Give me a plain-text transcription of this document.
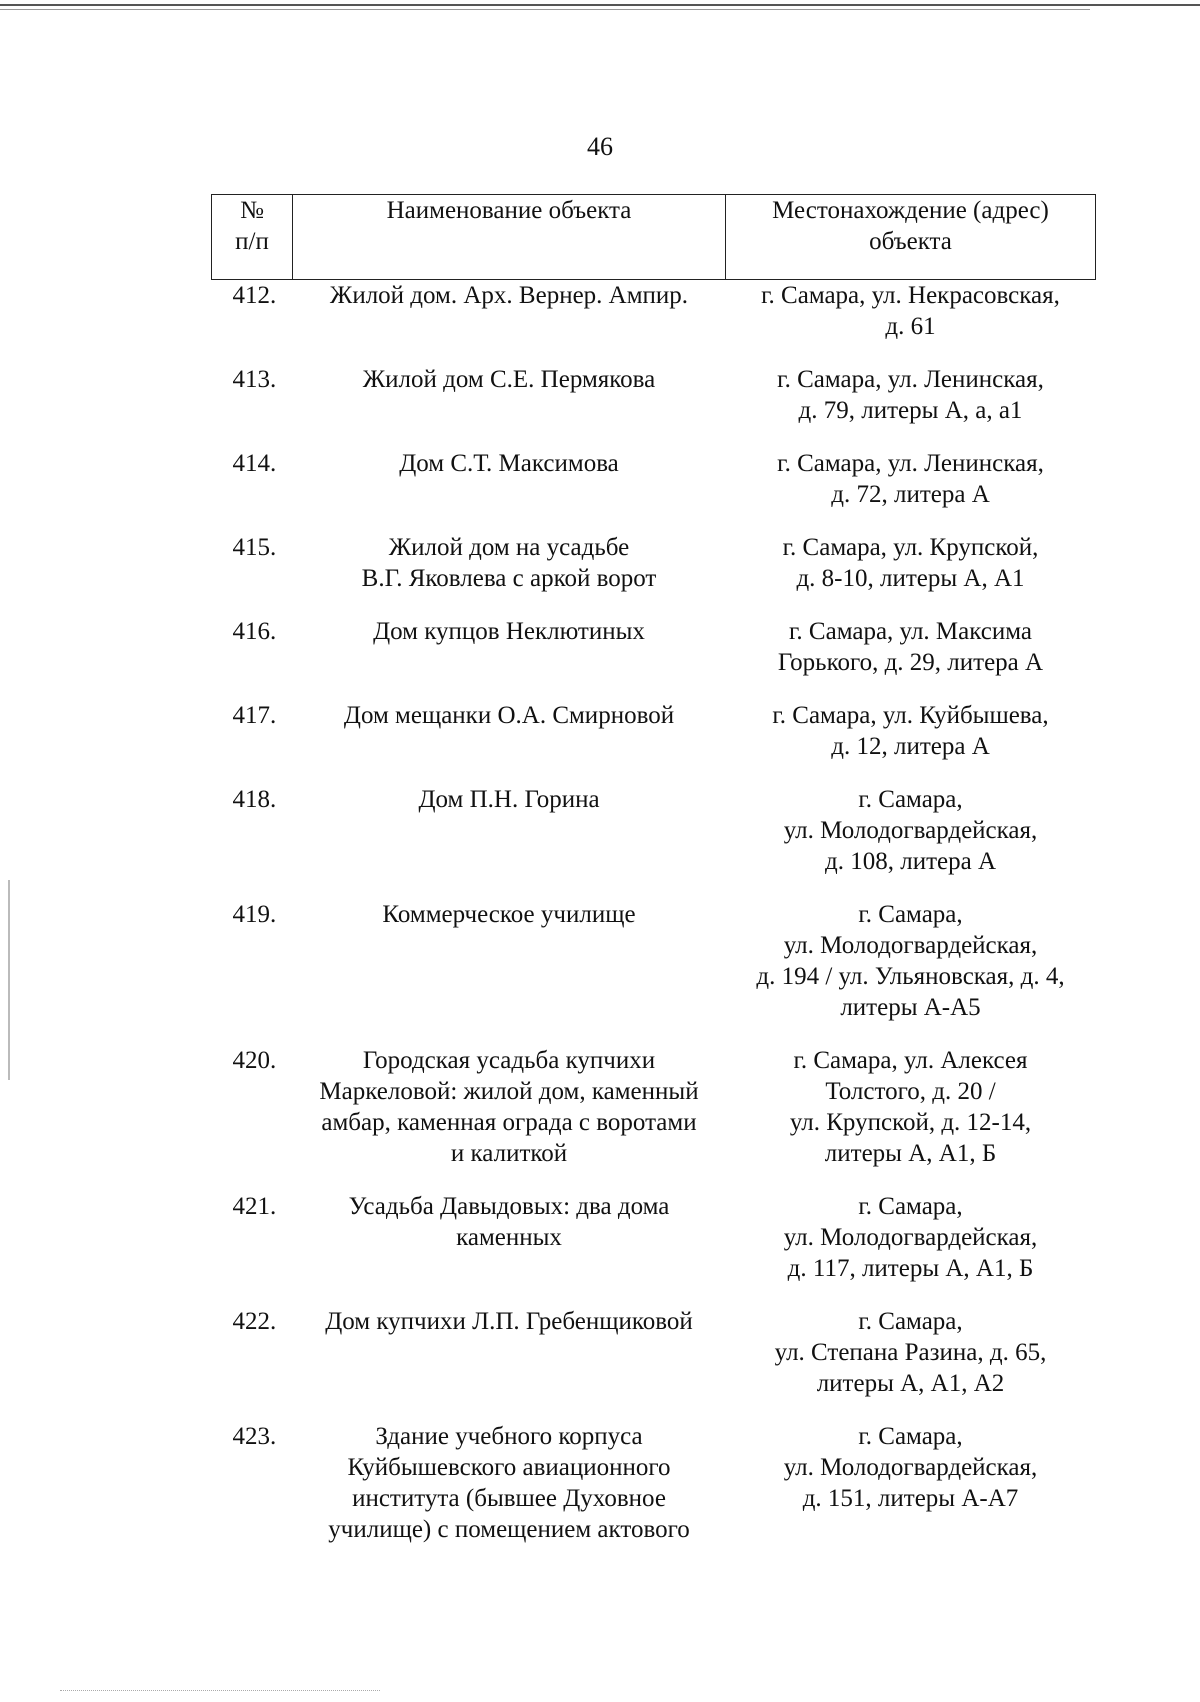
46
№
п/п	Наименование объекта	Местонахождение (адрес)
объекта
412.	Жилой дом. Арх. Вернер. Ампир.	г. Самара, ул. Некрасовская,
д. 61
413.	Жилой дом С.Е. Пермякова	г. Самара, ул. Ленинская,
д. 79, литеры А, а, а1
414.	Дом С.Т. Максимова	г. Самара, ул. Ленинская,
д. 72, литера А
415.	Жилой дом на усадьбе
В.Г. Яковлева с аркой ворот	г. Самара, ул. Крупской,
д. 8-10, литеры А, А1
416.	Дом купцов Неклютиных	г. Самара, ул. Максима
Горького, д. 29, литера А
417.	Дом мещанки О.А. Смирновой	г. Самара, ул. Куйбышева,
д. 12, литера А
418.	Дом П.Н. Горина	г. Самара,
ул. Молодогвардейская,
д. 108, литера А
419.	Коммерческое училище	г. Самара,
ул. Молодогвардейская,
д. 194 / ул. Ульяновская, д. 4,
литеры А-А5
420.	Городская усадьба купчихи
Маркеловой: жилой дом, каменный
амбар, каменная ограда с воротами
и калиткой	г. Самара, ул. Алексея
Толстого, д. 20 /
ул. Крупской, д. 12-14,
литеры А, А1, Б
421.	Усадьба Давыдовых: два дома
каменных	г. Самара,
ул. Молодогвардейская,
д. 117, литеры А, А1, Б
422.	Дом купчихи Л.П. Гребенщиковой	г. Самара,
ул. Степана Разина, д. 65,
литеры А, А1, А2
423.	Здание учебного корпуса
Куйбышевского авиационного
института (бывшее Духовное
училище) с помещением актового	г. Самара,
ул. Молодогвардейская,
д. 151, литеры А-А7
